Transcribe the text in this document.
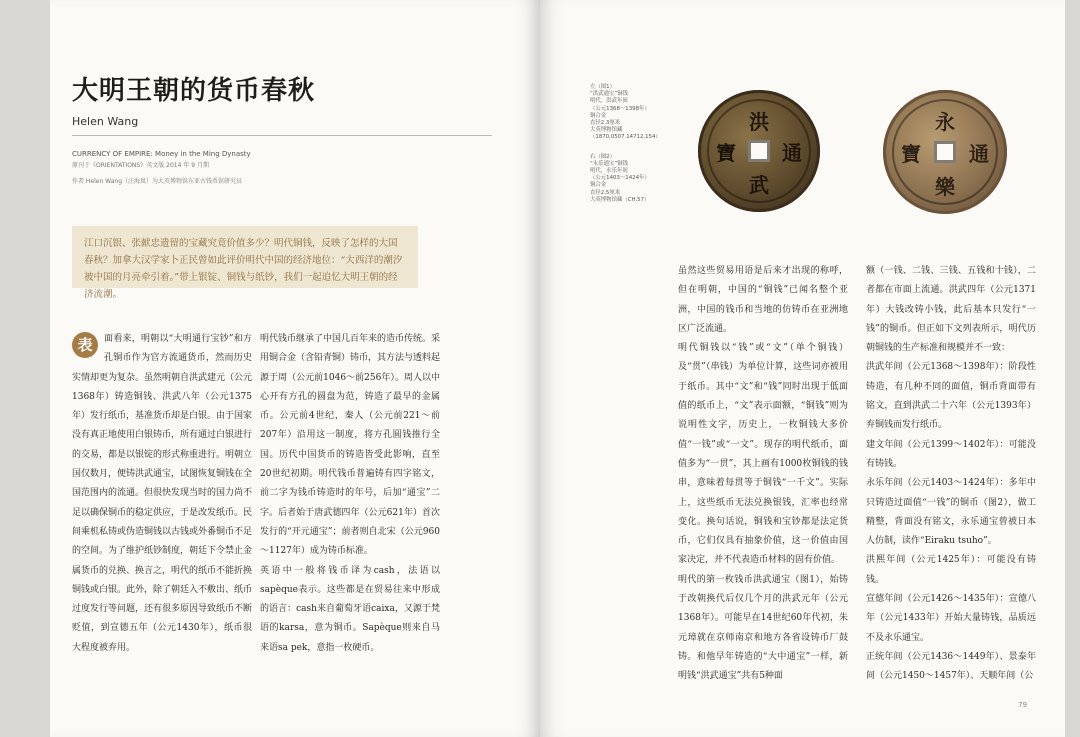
大明王朝的货币春秋
Helen Wang
CURRENCY OF EMPIRE: Money in the Ming Dynasty
原刊于《ORIENTATIONS》英文版 2014 年 9 月期
作者 Helen Wang（汪海岚）为大英博物馆东亚古钱币馆研究员
江口沉银、张献忠遗留的宝藏究竟价值多少？明代铜钱，反映了怎样的大国春秋？加拿大汉学家卜正民曾如此评价明代中国的经济地位：“大西洋的潮汐被中国的月亮牵引着。”带上银锭、铜钱与纸钞，我们一起追忆大明王朝的经济流潮。
表	面看来，明朝以“大明通行宝钞”和方孔铜币作为官方流通货币，然而历史实情却更为复杂。虽然明朝自洪武建元（公元1368年）铸造铜钱、洪武八年（公元1375年）发行纸币，基准货币却是白银。由于国家没有真正地使用白银铸币，所有通过白银进行的交易，都是以银锭的形式称重进行。明朝立国仅数月，便铸洪武通宝，试图恢复铜钱在全国范围内的流通。但很快发现当时的国力尚不足以确保铜币的稳定供应，于是改发纸币。民间乘机私铸或伪造铜钱以古钱或外番铜币不足的空间。为了维护纸钞制度，朝廷下令禁止金属货币的兑换、换言之，明代的纸币不能折换铜钱或白银。此外，除了朝廷入不敷出、纸币过度发行等问题，还有很多原因导致纸币不断贬值，到宣德五年（公元1430年），纸币很大程度被弃用。
明代钱币继承了中国几百年来的造币传统。采用铜合金（含铅青铜）铸币，其方法与透料起源于周（公元前1046～前256年）。周人以中心开有方孔的圆盘为范，铸造了最早的金属币。公元前4世纪，秦人（公元前221～前207年）沿用这一制度，将方孔圆钱推行全国。历代中国货币的铸造皆受此影响，直至20世纪初期。明代钱币普遍铸有四字铭文，前二字为钱币铸造时的年号，后加“通宝”二字。后者始于唐武德四年（公元621年）首次发行的“开元通宝”；前者则自北宋（公元960～1127年）成为铸币标准。
英语中一般将钱币译为cash，法语以sapèque表示。这些都是在贸易往来中形成的语言：cash来自葡萄牙语caixa，又源于梵语的karsa，意为铜币。Sapèque则来自马来语sa pek，意指一枚硬币。
左（图1）
“洪武通宝”铜钱
明代，洪武年间
（公元1368～1398年）
铜合金
直径2.3厘米
大英博物馆藏
（1870,0507.14712.154）
右（图2）
“永乐通宝”铜钱
明代，永乐年间
（公元1403～1424年）
铜合金
直径2.5厘米
大英博物馆藏（CH.57）
洪
武
寶 通
永
樂
寶 通
虽然这些贸易用语是后来才出现的称呼，但在明朝，中国的“铜钱”已闻名整个亚洲，中国的钱币和当地的仿铸币在亚洲地区广泛流通。
明代铜钱以“钱”或“文”（单个铜钱）及“贯”（串钱）为单位计算，这些词亦被用于纸币。其中“文”和“钱”同时出现于低面值的纸币上，“文”表示面额，“铜钱”则为说明性文字，历史上，一枚铜钱大多价值“一钱”或“一文”。现存的明代纸币，面值多为“一贯”，其上画有1000枚铜钱的钱串，意味着每贯等于铜钱“一千文”。实际上，这些纸币无法兑换银钱，汇率也经常变化。换句话说，铜钱和宝钞都是法定货币，它们仅具有抽象价值，这一价值由国家决定，并不代表造币材料的固有价值。
明代的第一枚钱币洪武通宝（图1），始铸于改朝换代后仅几个月的洪武元年（公元1368年）。可能早在14世纪60年代初，朱元璋就在京师南京和地方各省设铸币厂鼓铸。和他早年铸造的“大中通宝”一样，新明钱“洪武通宝”共有5种面
额（一钱、二钱、三钱、五钱和十钱），二者都在市面上流通。洪武四年（公元1371年）大钱改铸小钱，此后基本只发行“一钱”的铜币。但正如下文列表所示，明代历朝铜钱的生产标准和规模并不一致：
洪武年间（公元1368～1398年）：阶段性铸造，有几种不同的面值，铜币背面带有铭文，直到洪武二十六年（公元1393年）弃铜钱而发行纸币。
建文年间（公元1399～1402年）：可能没有铸钱。
永乐年间（公元1403～1424年）：多年中只铸造过面值“一钱”的铜币（图2），做工精整，背面没有铭文，永乐通宝曾被日本人仿制，读作“Eiraku tsuho”。
洪熙年间（公元1425年）：可能没有铸钱。
宣德年间（公元1426～1435年）：宣德八年（公元1433年）开始大量铸钱，品质远不及永乐通宝。
正统年间（公元1436～1449年）、景泰年间（公元1450～1457年）、天顺年间（公
79
